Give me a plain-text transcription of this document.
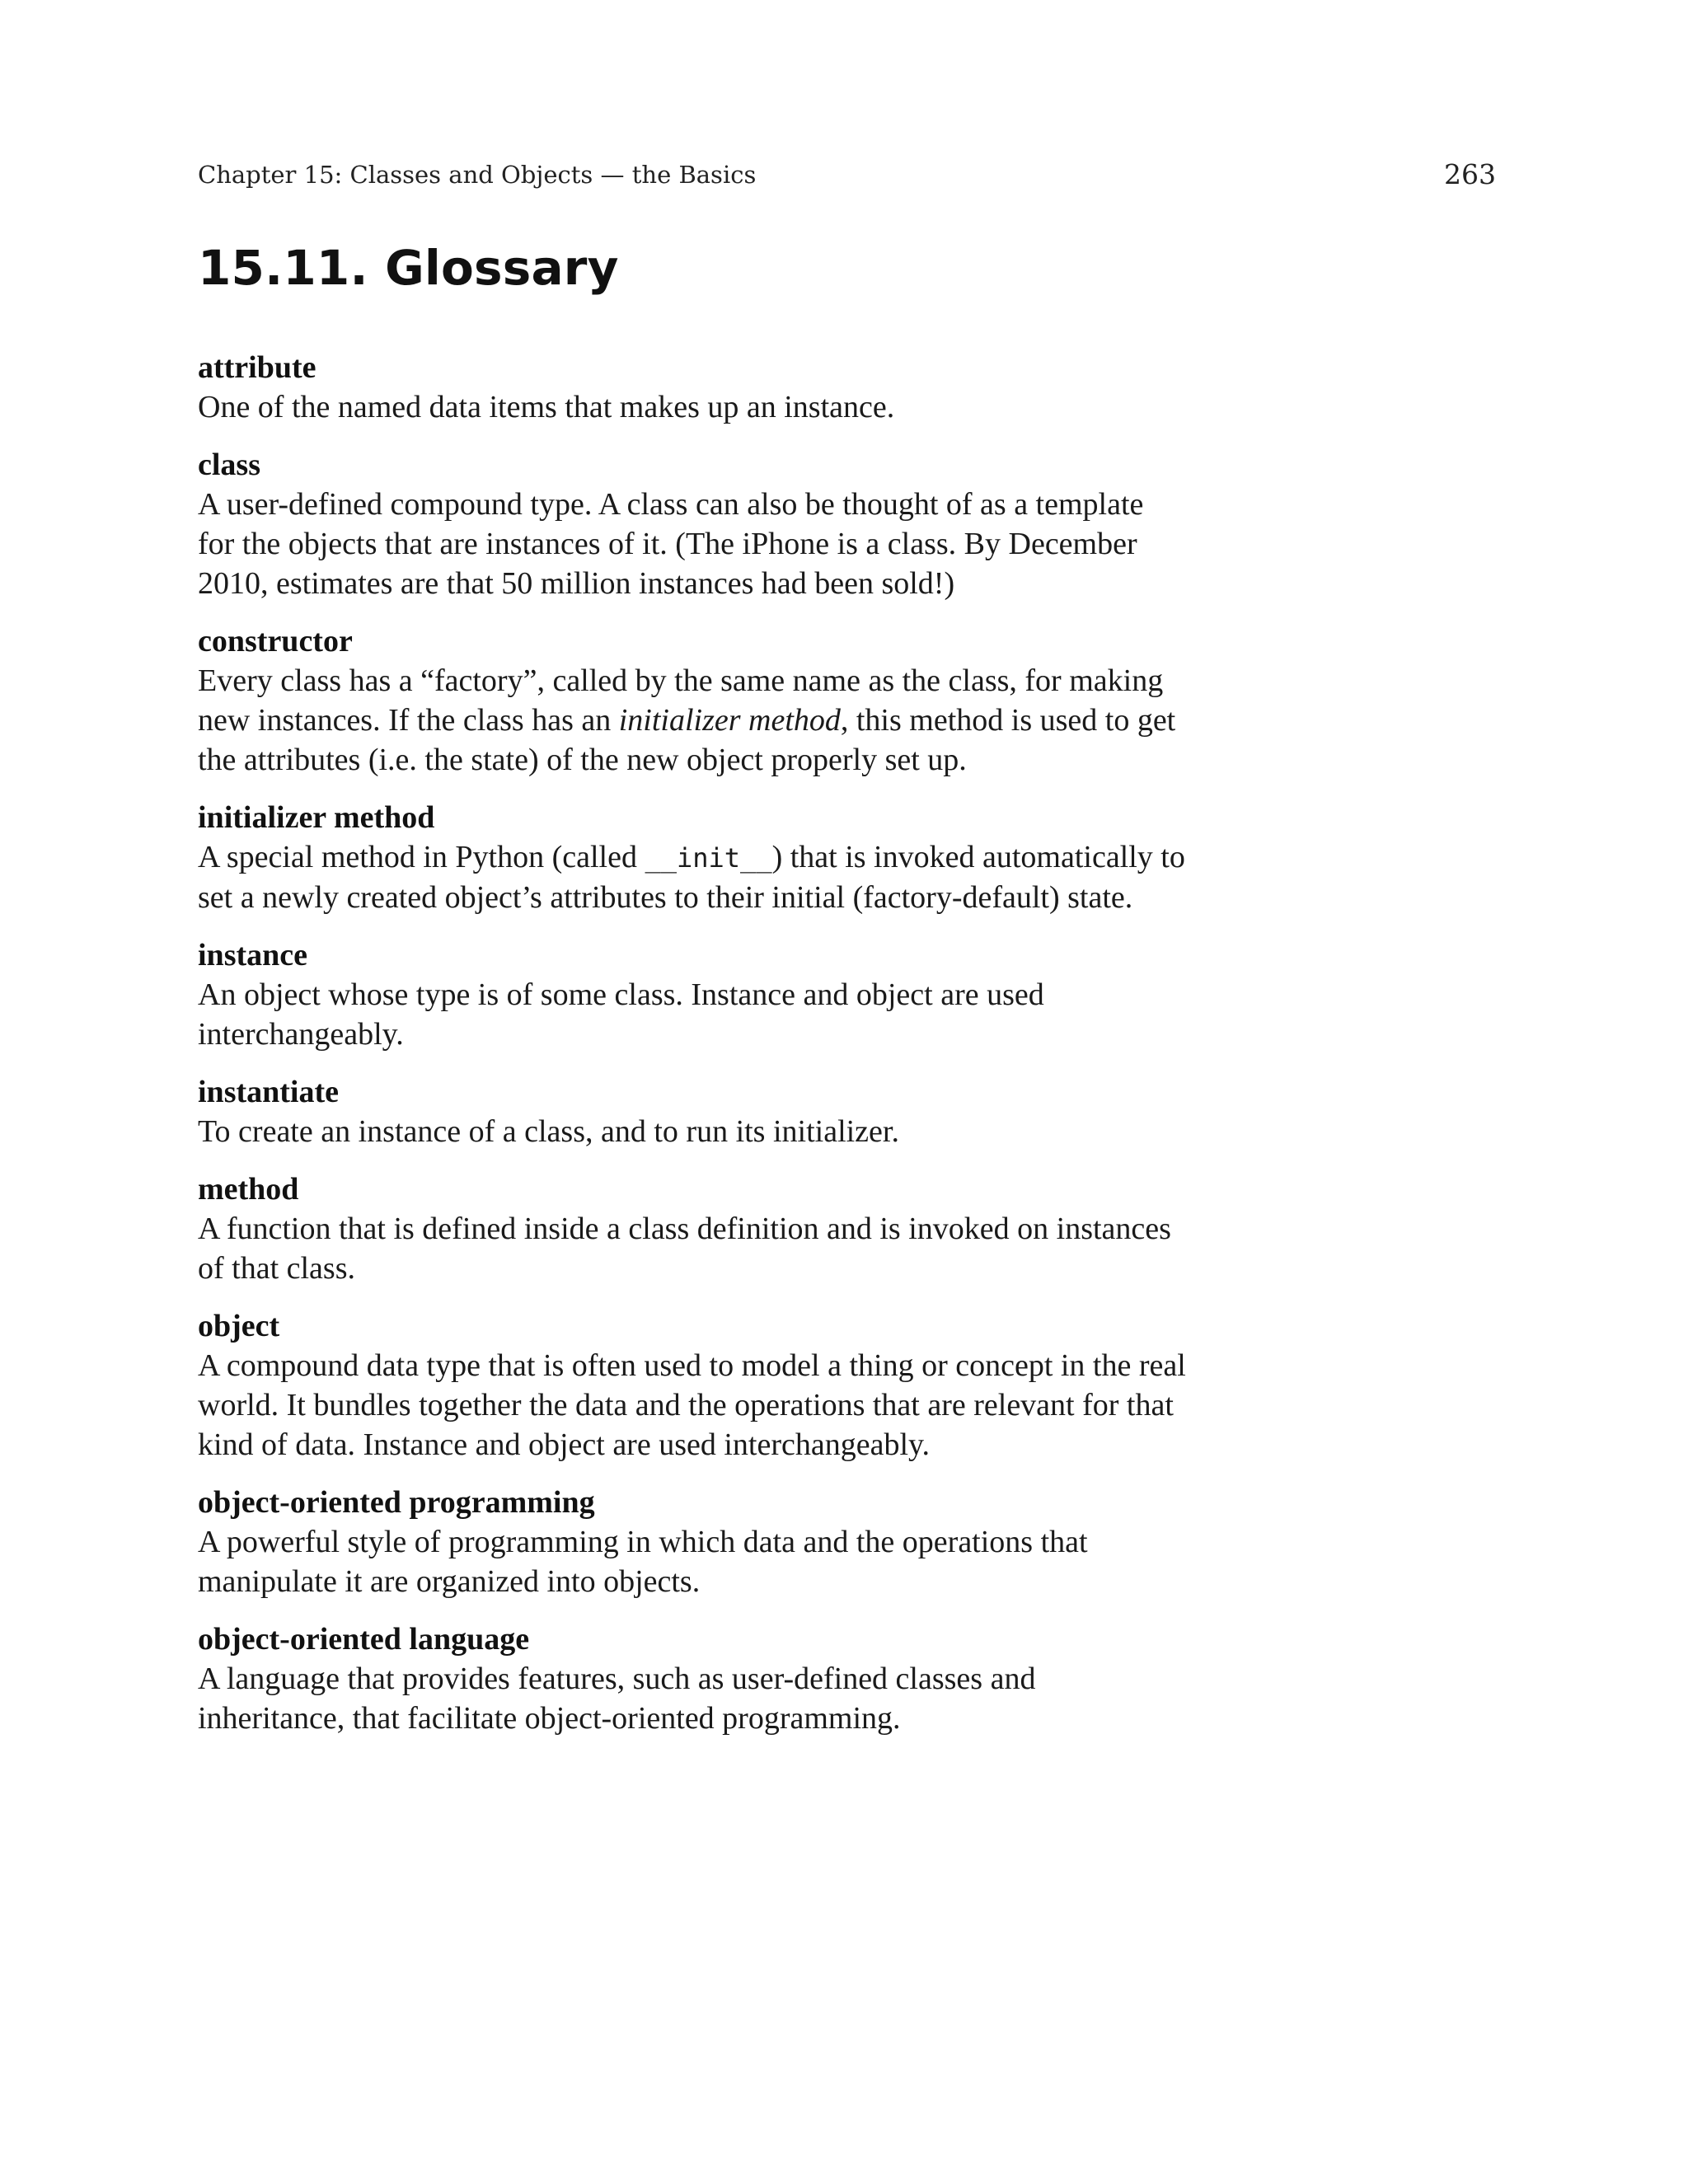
Chapter 15: Classes and Objects — the Basics	263
15.11. Glossary
attribute
One of the named data items that makes up an instance.
class
A user-defined compound type. A class can also be thought of as a template for the objects that are instances of it. (The iPhone is a class. By December 2010, estimates are that 50 million instances had been sold!)
constructor
Every class has a “factory”, called by the same name as the class, for making new instances. If the class has an initializer method, this method is used to get the attributes (i.e. the state) of the new object properly set up.
initializer method
A special method in Python (called __init__) that is invoked automatically to set a newly created object’s attributes to their initial (factory-default) state.
instance
An object whose type is of some class. Instance and object are used interchangeably.
instantiate
To create an instance of a class, and to run its initializer.
method
A function that is defined inside a class definition and is invoked on instances of that class.
object
A compound data type that is often used to model a thing or concept in the real world. It bundles together the data and the operations that are relevant for that kind of data. Instance and object are used interchangeably.
object-oriented programming
A powerful style of programming in which data and the operations that manipulate it are organized into objects.
object-oriented language
A language that provides features, such as user-defined classes and inheritance, that facilitate object-oriented programming.
